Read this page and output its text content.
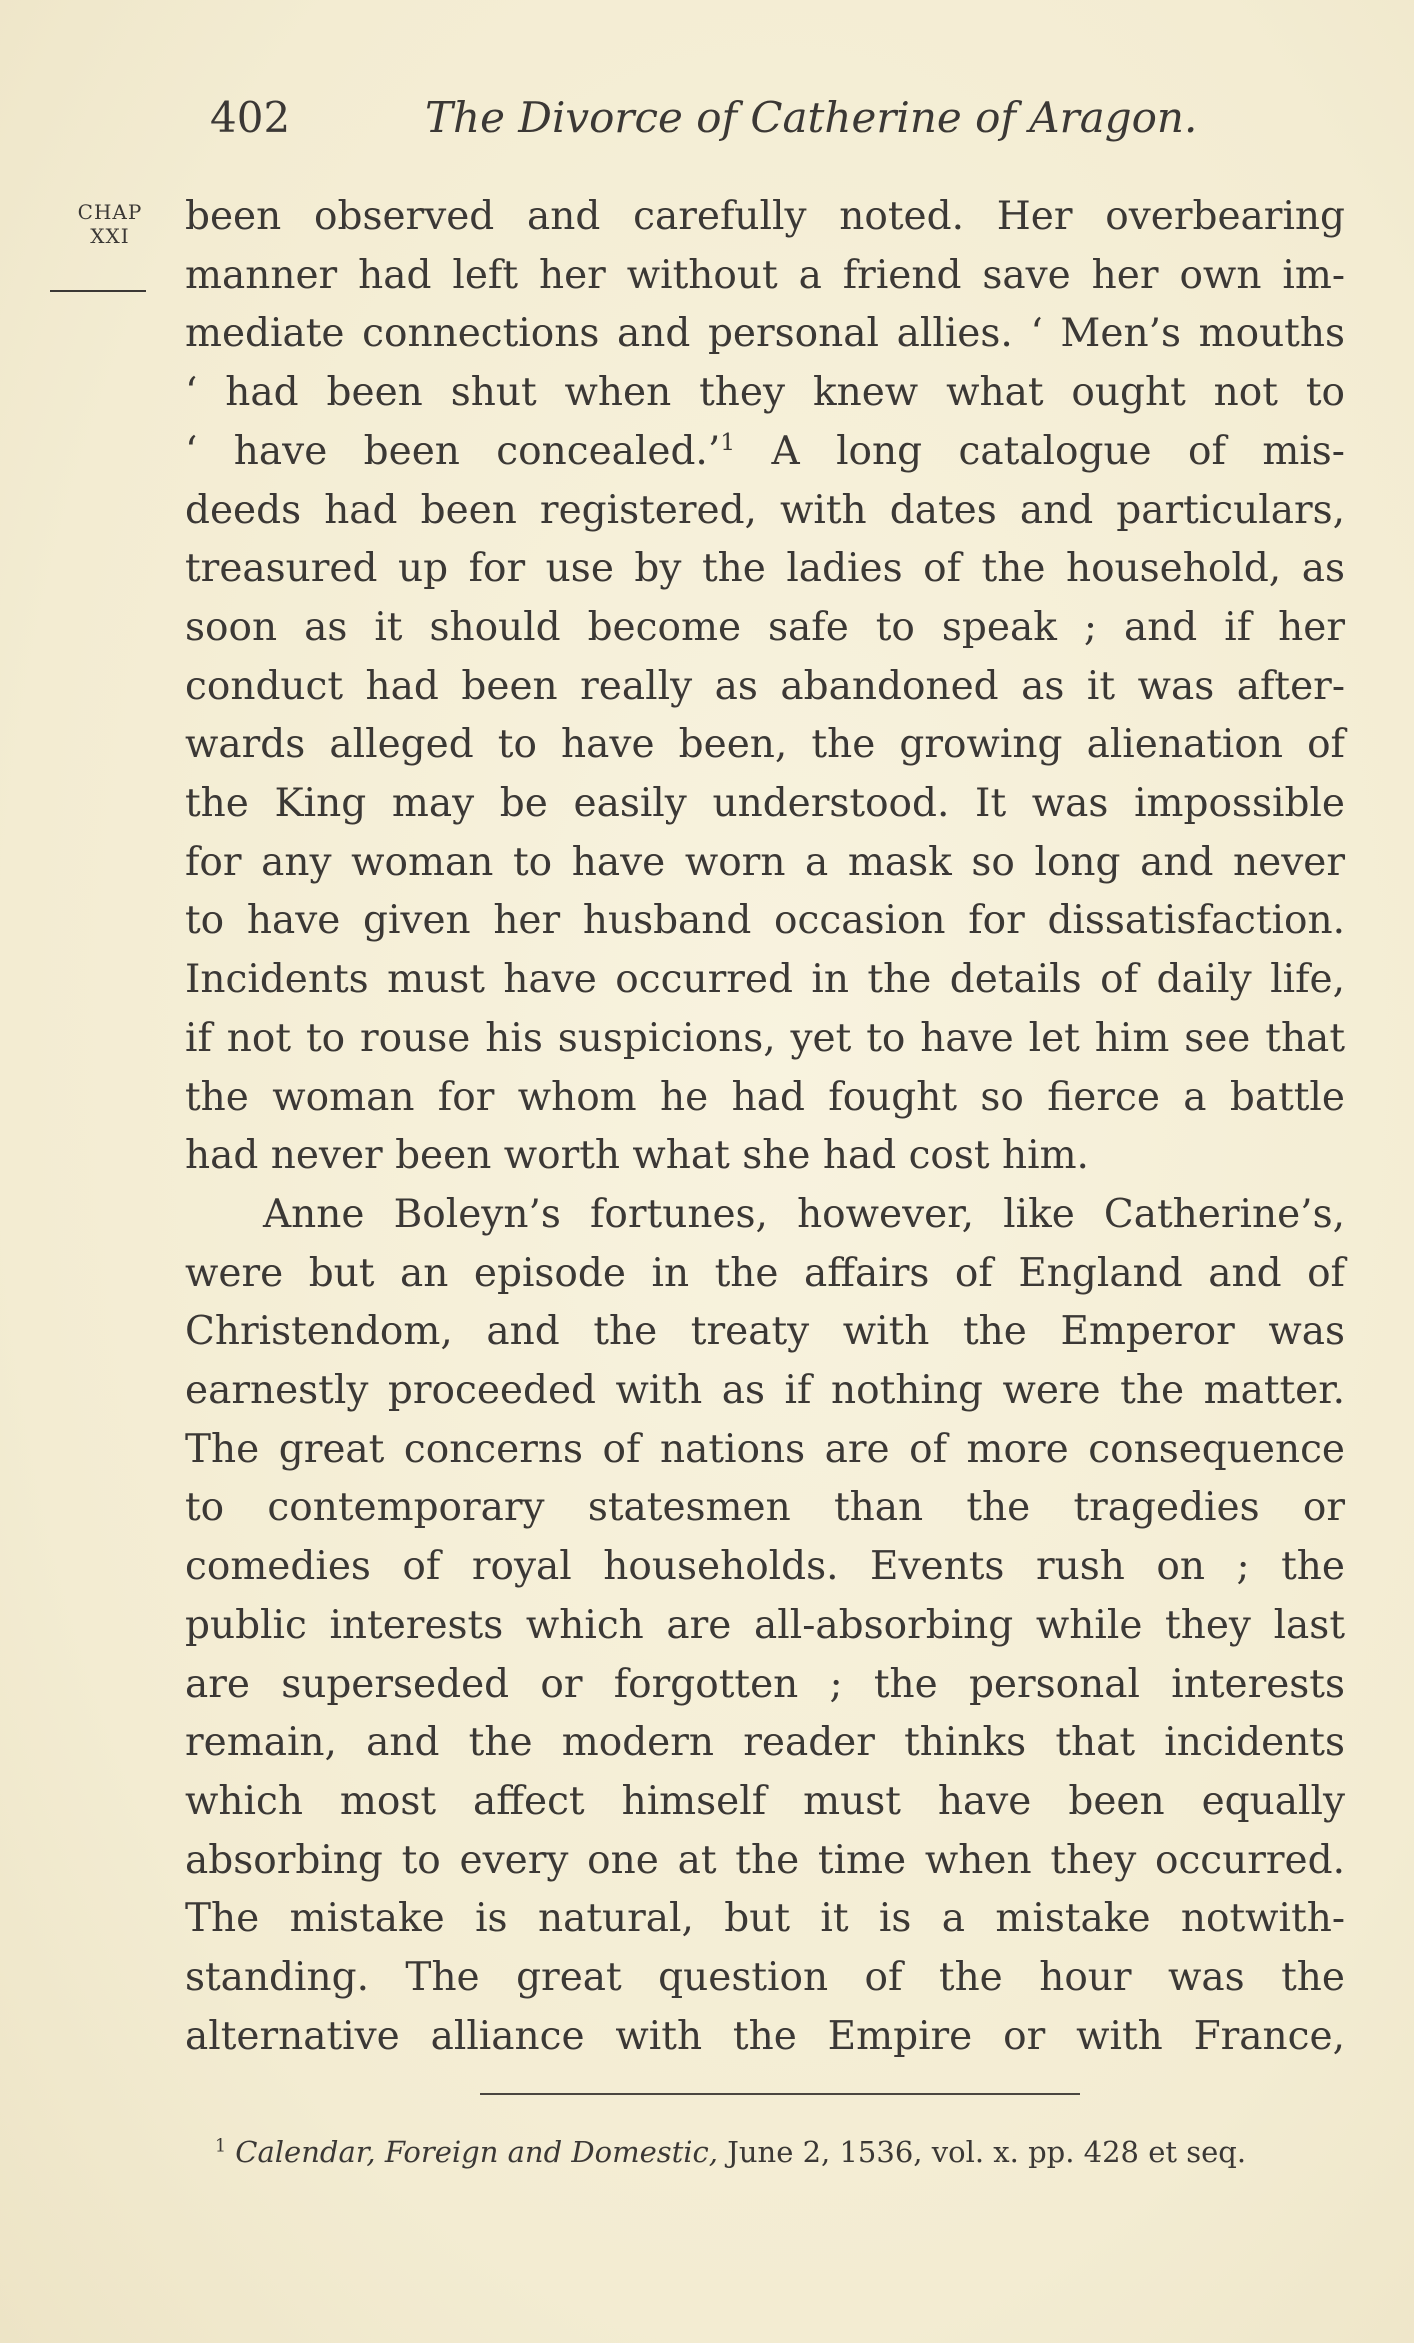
402	The Divorce of Catherine of Aragon.
CHAP
XXI	been observed and carefully noted. Her overbearing
manner had left her without a friend save her own im-
mediate connections and personal allies. ‘ Men’s mouths
‘ had been shut when they knew what ought not to
‘ have been concealed.’$^1$ A long catalogue of mis-
deeds had been registered, with dates and particulars,
treasured up for use by the ladies of the household, as
soon as it should become safe to speak ; and if her
conduct had been really as abandoned as it was after-
wards alleged to have been, the growing alienation of
the King may be easily understood. It was impossible
for any woman to have worn a mask so long and never
to have given her husband occasion for dissatisfaction.
Incidents must have occurred in the details of daily life,
if not to rouse his suspicions, yet to have let him see that
the woman for whom he had fought so fierce a battle
had never been worth what she had cost him.

Anne Boleyn’s fortunes, however, like Catherine’s,
were but an episode in the affairs of England and of
Christendom, and the treaty with the Emperor was
earnestly proceeded with as if nothing were the matter.
The great concerns of nations are of more consequence
to contemporary statesmen than the tragedies or
comedies of royal households. Events rush on ; the
public interests which are all-absorbing while they last
are superseded or forgotten ; the personal interests
remain, and the modern reader thinks that incidents
which most affect himself must have been equally
absorbing to every one at the time when they occurred.
The mistake is natural, but it is a mistake notwith-
standing. The great question of the hour was the
alternative alliance with the Empire or with France,

$^1$ Calendar, Foreign and Domestic, June 2, 1536, vol. x. pp. 428 et seq.
